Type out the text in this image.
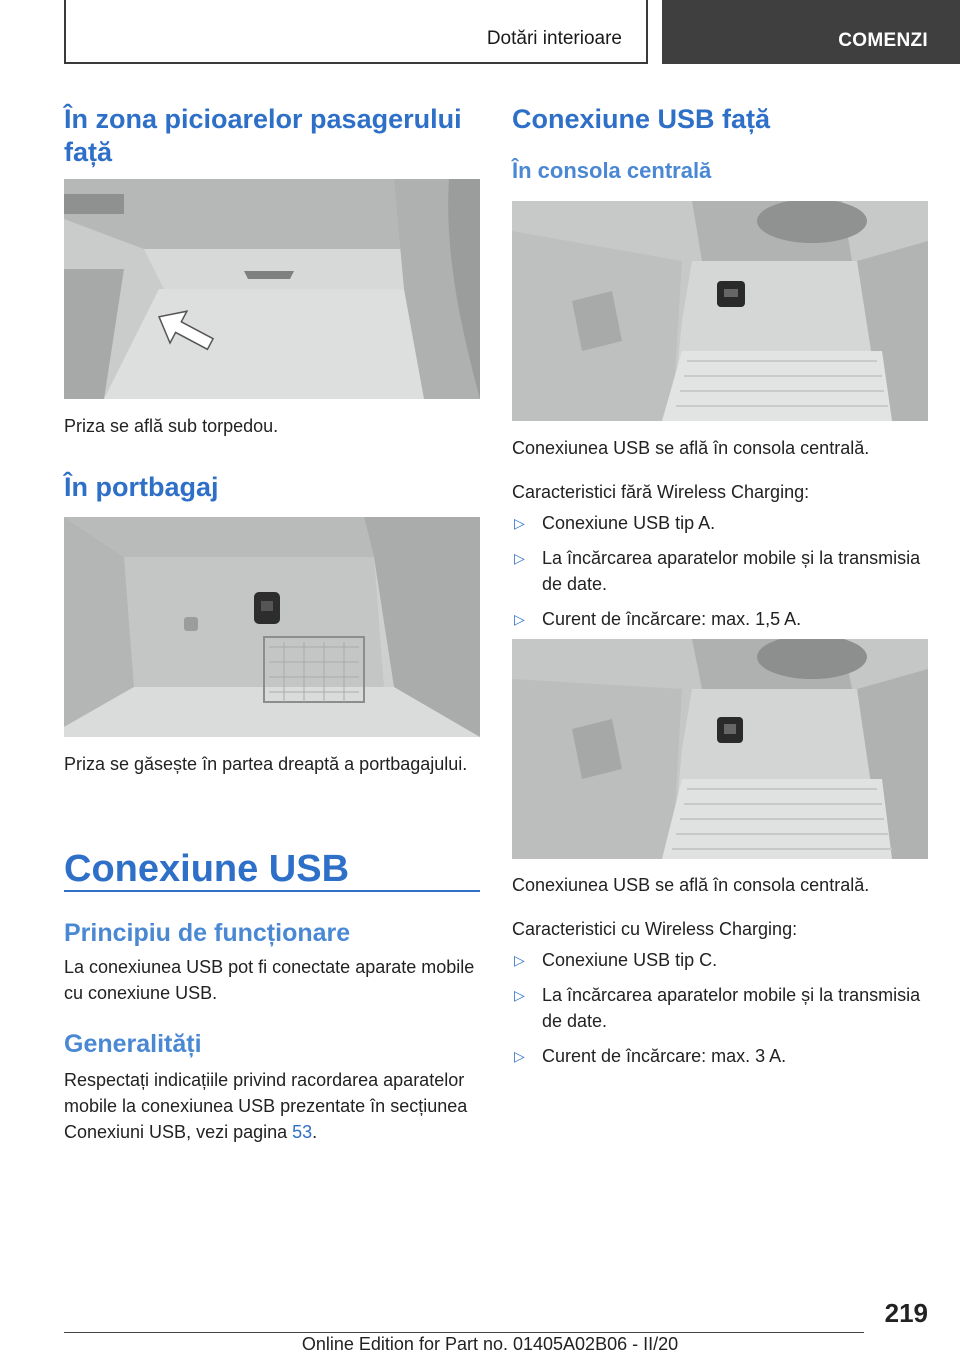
Dotări interioare	COMENZI
În zona picioarelor pasagerului față

Priza se află sub torpedou.

În portbagaj

Priza se găsește în partea dreaptă a portbagajului.

Conexiune USB
Principiu de funcționare

La conexiunea USB pot fi conectate aparate mobile cu conexiune USB.

Generalități

Respectați indicațiile privind racordarea aparatelor mobile la conexiunea USB prezentate în secțiunea Conexiuni USB, vezi pagina 53.

Conexiune USB față
În consola centrală

Conexiunea USB se află în consola centrală.

Caracteristici fără Wireless Charging:

▷ Conexiune USB tip A.
▷ La încărcarea aparatelor mobile și la transmisia de date.
▷ Curent de încărcare: max. 1,5 A.

Conexiunea USB se află în consola centrală.

Caracteristici cu Wireless Charging:

▷ Conexiune USB tip C.
▷ La încărcarea aparatelor mobile și la transmisia de date.
▷ Curent de încărcare: max. 3 A.
219
Online Edition for Part no. 01405A02B06 - II/20
